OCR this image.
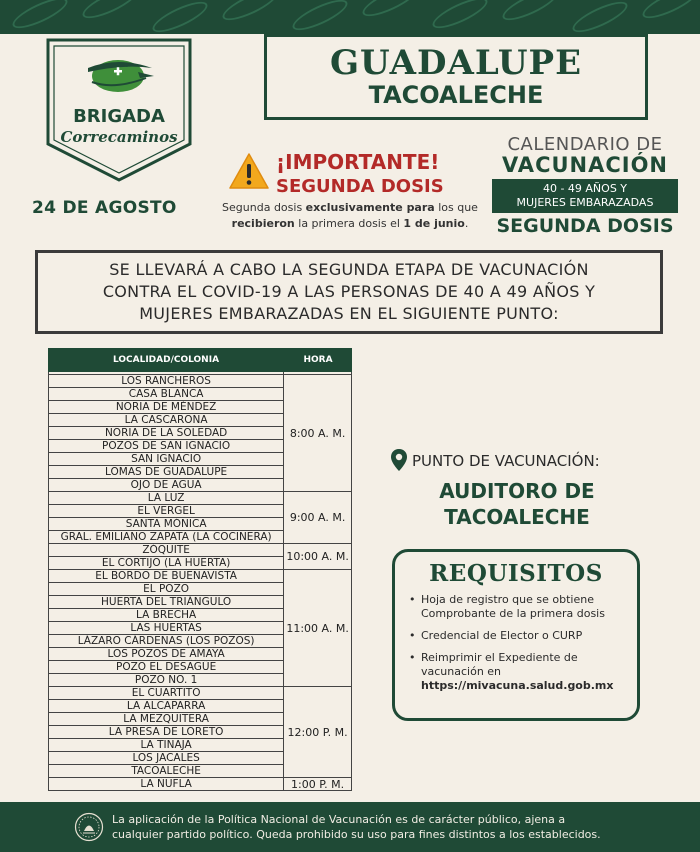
BRIGADA
Correcaminos
24 DE AGOSTO
GUADALUPE
TACOALECHE
¡IMPORTANTE!
SEGUNDA DOSIS
Segunda dosis exclusivamente para los que
recibieron la primera dosis el 1 de junio.
CALENDARIO DE
VACUNACIÓN
40 - 49 AÑOS Y
MUJERES EMBARAZADAS
SEGUNDA DOSIS
SE LLEVARÁ A CABO LA SEGUNDA ETAPA DE VACUNACIÓN
CONTRA EL COVID-19 A LAS PERSONAS DE 40 A 49 AÑOS Y
MUJERES EMBARAZADAS EN EL SIGUIENTE PUNTO:
LOCALIDAD/COLONIA	HORA
LOS RANCHEROS
CASA BLANCA
NORIA DE MÉNDEZ
LA CASCARONA
NORIA DE LA SOLEDAD
POZOS DE SAN IGNACIO
SAN IGNACIO
LOMAS DE GUADALUPE
OJO DE AGUA
LA LUZ
EL VERGEL
SANTA MÓNICA
GRAL. EMILIANO ZAPATA (LA COCINERA)
ZÓQUITE
EL CORTIJO (LA HUERTA)
EL BORDO DE BUENAVISTA
EL POZO
HUERTA DEL TRIÁNGULO
LA BRECHA
LAS HUERTAS
LÁZARO CÁRDENAS (LOS POZOS)
LOS POZOS DE AMAYA
POZO EL DESAGÜE
POZO NO. 1
EL CUARTITO
LA ALCAPARRA
LA MEZQUITERA
LA PRESA DE LORETO
LA TINAJA
LOS JACALES
TACOALECHE
LA ÑUFLA
8:00 A. M.
9:00 A. M.
10:00 A. M.
11:00 A. M.
12:00 P. M.
1:00 P. M.
PUNTO DE VACUNACIÓN:
AUDITORO DE
TACOALECHE
REQUISITOS
• Hoja de registro que se obtiene Comprobante de la primera dosis
• Credencial de Elector o CURP
• Reimprimir el Expediente de vacunación en https://mivacuna.salud.gob.mx
La aplicación de la Política Nacional de Vacunación es de carácter público, ajena a
cualquier partido político. Queda prohibido su uso para fines distintos a los establecidos.
